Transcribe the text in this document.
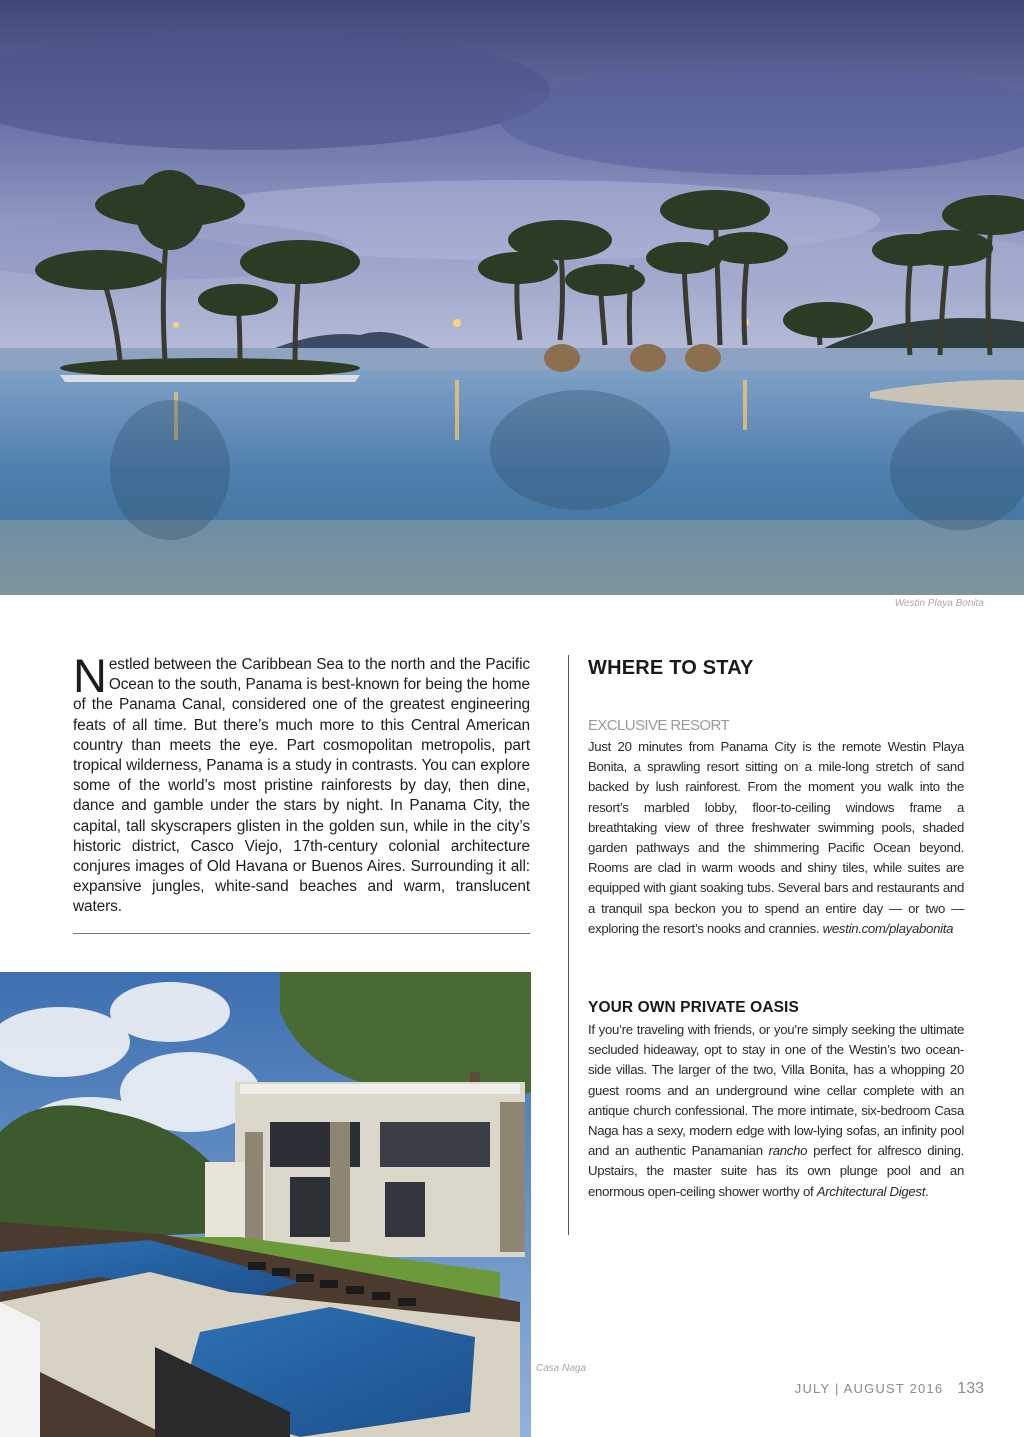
Westin Playa Bonita
Nestled between the Caribbean Sea to the north and the Pacific Ocean to the south, Panama is best-known for being the home of the Panama Canal, considered one of the greatest engineering feats of all time. But there’s much more to this Central American country than meets the eye. Part cosmopolitan metropolis, part tropical wilderness, Panama is a study in contrasts. You can explore some of the world’s most pristine rainforests by day, then dine, dance and gamble under the stars by night. In Panama City, the capital, tall skyscrapers glisten in the golden sun, while in the city’s historic district, Casco Viejo, 17th-century colonial architecture conjures images of Old Havana or Buenos Aires. Surrounding it all: expansive jungles, white-sand beaches and warm, translucent waters.
WHERE TO STAY
EXCLUSIVE RESORT
Just 20 minutes from Panama City is the remote Westin Playa Bonita, a sprawling resort sitting on a mile-long stretch of sand backed by lush rainforest. From the moment you walk into the resort’s marbled lobby, floor-to-ceiling windows frame a breathtaking view of three freshwater swimming pools, shaded garden pathways and the shimmering Pacific Ocean beyond. Rooms are clad in warm woods and shiny tiles, while suites are equipped with giant soaking tubs. Several bars and restaurants and a tranquil spa beckon you to spend an entire day — or two — exploring the resort’s nooks and crannies. westin.com/playabonita
YOUR OWN PRIVATE OASIS
If you’re traveling with friends, or you’re simply seeking the ultimate secluded hideaway, opt to stay in one of the Westin’s two ocean-side villas. The larger of the two, Villa Bonita, has a whopping 20 guest rooms and an underground wine cellar complete with an antique church confessional. The more intimate, six-bedroom Casa Naga has a sexy, modern edge with low-lying sofas, an infinity pool and an authentic Panamanian rancho perfect for alfresco dining. Upstairs, the master suite has its own plunge pool and an enormous open-ceiling shower worthy of Architectural Digest.
Casa Naga
JULY | AUGUST 2016 133
